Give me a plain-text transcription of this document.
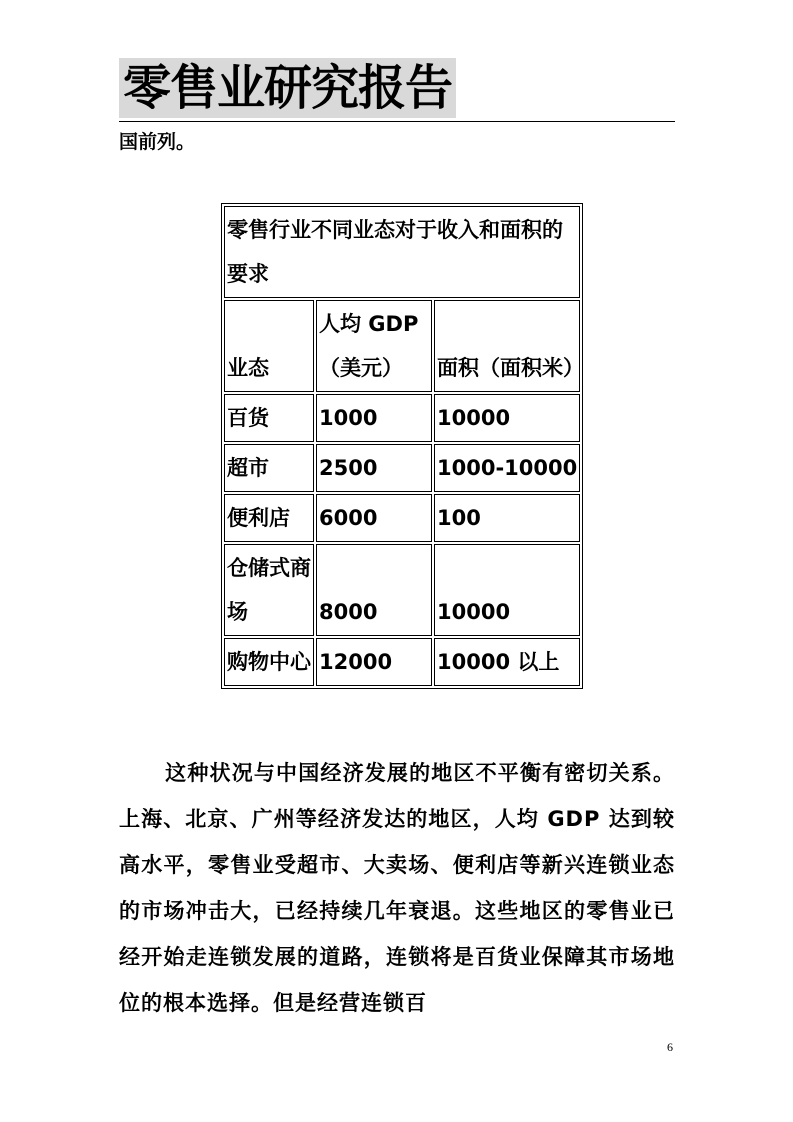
零售业研究报告
国前列。
零售行业不同业态对于收入和面积的要求		
业态	人均 GDP（美元）	面积（面积米）
百货	1000	10000
超市	2500	1000-10000
便利店	6000	100
仓储式商场	8000	10000
购物中心	12000	10000 以上
这种状况与中国经济发展的地区不平衡有密切关系。上海、北京、广州等经济发达的地区，人均 GDP 达到较高水平，零售业受超市、大卖场、便利店等新兴连锁业态的市场冲击大，已经持续几年衰退。这些地区的零售业已经开始走连锁发展的道路，连锁将是百货业保障其市场地位的根本选择。但是经营连锁百
6
